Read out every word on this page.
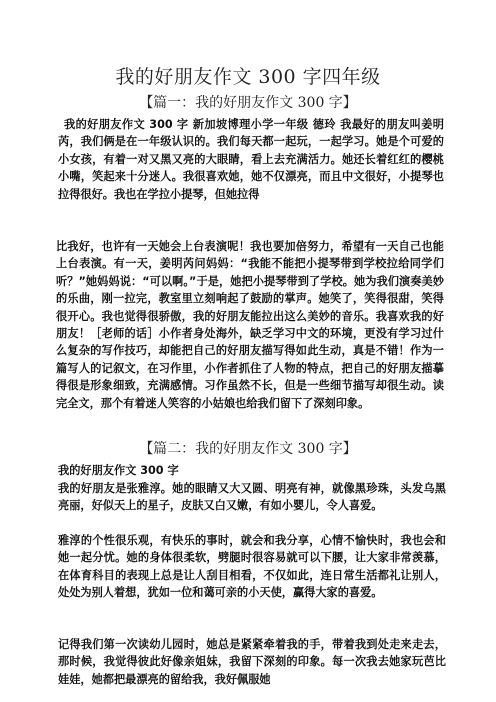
我的好朋友作文 300 字四年级
【篇一：我的好朋友作文 300 字】

我的好朋友作文 300 字 新加坡博理小学一年级 德玲 我最好的朋友叫姜明芮，我们俩是在一年级认识的。我们每天都一起玩，一起学习。她是个可爱的小女孩，有着一对又黑又亮的大眼睛，看上去充满活力。她还长着红红的樱桃小嘴，笑起来十分迷人。我很喜欢她，她不仅漂亮，而且中文很好，小提琴也拉得很好。我也在学拉小提琴，但她拉得

比我好，也许有一天她会上台表演呢！我也要加倍努力，希望有一天自己也能上台表演。有一天，姜明芮问妈妈：“我能不能把小提琴带到学校拉给同学们听？”她妈妈说：“可以啊。”于是，她把小提琴带到了学校。她为我们演奏美妙的乐曲，刚一拉完，教室里立刻响起了鼓励的掌声。她笑了，笑得很甜，笑得很开心。我也觉得很骄傲，我的好朋友能拉出这么美妙的音乐。我喜欢我的好朋友！［老师的话］小作者身处海外，缺乏学习中文的环境，更没有学习过什么复杂的写作技巧，却能把自己的好朋友描写得如此生动，真是不错！作为一篇写人的记叙文，在习作里，小作者抓住了人物的特点，把自己的好朋友描摹得很是形象细致，充满感情。习作虽然不长，但是一些细节描写却很生动。读完全文，那个有着迷人笑容的小姑娘也给我们留下了深刻印象。

【篇二：我的好朋友作文 300 字】

我的好朋友作文 300 字

我的好朋友是张雅淳。她的眼睛又大又圆、明亮有神，就像黑珍珠，头发乌黑亮丽，好似天上的星子，皮肤又白又嫩，有如小婴儿，令人喜爱。

雅淳的个性很乐观，有快乐的事时，就会和我分享，心情不愉快时，我也会和她一起分忧。她的身体很柔软，劈腿时很容易就可以下腰，让大家非常羡慕，在体育科目的表现上总是让人刮目相看，不仅如此，连日常生活都礼让别人，处处为别人着想，犹如一位和蔼可亲的小天使，赢得大家的喜爱。

记得我们第一次读幼儿园时，她总是紧紧牵着我的手，带着我到处走来走去，那时候，我觉得彼此好像亲姐妹，我留下深刻的印象。每一次我去她家玩芭比娃娃，她都把最漂亮的留给我，我好佩服她
